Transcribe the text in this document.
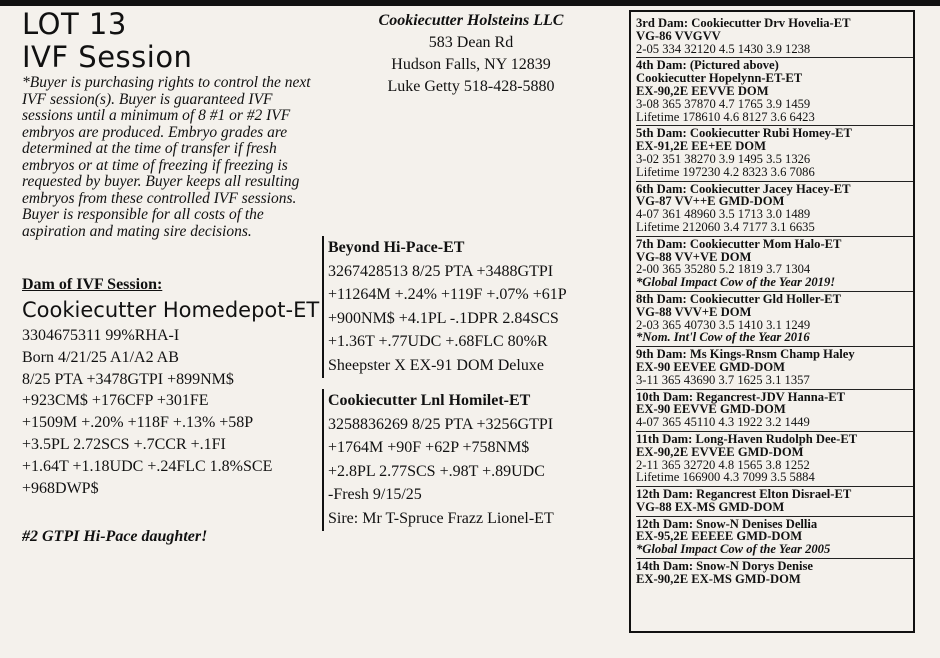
LOT 13
IVF Session
*Buyer is purchasing rights to control the next IVF session(s). Buyer is guaranteed IVF sessions until a minimum of 8 #1 or #2 IVF embryos are produced. Embryo grades are determined at the time of transfer if fresh embryos or at time of freezing if freezing is requested by buyer. Buyer keeps all resulting embryos from these controlled IVF sessions. Buyer is responsible for all costs of the aspiration and mating sire decisions.
Dam of IVF Session:
Cookiecutter Homedepot-ET
3304675311 99%RHA-I
Born 4/21/25 A1/A2 AB
8/25 PTA +3478GTPI +899NM$
+923CM$ +176CFP +301FE
+1509M +.20% +118F +.13% +58P
+3.5PL 2.72SCS +.7CCR +.1FI
+1.64T +1.18UDC +.24FLC 1.8%SCE
+968DWP$
#2 GTPI Hi-Pace daughter!
Cookiecutter Holsteins LLC
583 Dean Rd
Hudson Falls, NY 12839
Luke Getty 518-428-5880
Beyond Hi-Pace-ET
3267428513 8/25 PTA +3488GTPI
+11264M +.24% +119F +.07% +61P
+900NM$ +4.1PL -.1DPR 2.84SCS
+1.36T +.77UDC +.68FLC 80%R
Sheepster X EX-91 DOM Deluxe
Cookiecutter Lnl Homilet-ET
3258836269 8/25 PTA +3256GTPI
+1764M +90F +62P +758NM$
+2.8PL 2.77SCS +.98T +.89UDC
-Fresh 9/15/25
Sire: Mr T-Spruce Frazz Lionel-ET
3rd Dam: Cookiecutter Drv Hovelia-ET
VG-86 VVGVV
2-05 334 32120 4.5 1430 3.9 1238
4th Dam: (Pictured above)
Cookiecutter Hopelynn-ET-ET
EX-90,2E EEVVE DOM
3-08 365 37870 4.7 1765 3.9 1459
Lifetime 178610 4.6 8127 3.6 6423
5th Dam: Cookiecutter Rubi Homey-ET
EX-91,2E EE+EE DOM
3-02 351 38270 3.9 1495 3.5 1326
Lifetime 197230 4.2 8323 3.6 7086
6th Dam: Cookiecutter Jacey Hacey-ET
VG-87 VV++E GMD-DOM
4-07 361 48960 3.5 1713 3.0 1489
Lifetime 212060 3.4 7177 3.1 6635
7th Dam: Cookiecutter Mom Halo-ET
VG-88 VV+VE DOM
2-00 365 35280 5.2 1819 3.7 1304
*Global Impact Cow of the Year 2019!
8th Dam: Cookiecutter Gld Holler-ET
VG-88 VVV+E DOM
2-03 365 40730 3.5 1410 3.1 1249
*Nom. Int'l Cow of the Year 2016
9th Dam: Ms Kings-Rnsm Champ Haley
EX-90 EEVEE GMD-DOM
3-11 365 43690 3.7 1625 3.1 1357
10th Dam: Regancrest-JDV Hanna-ET
EX-90 EEVVE GMD-DOM
4-07 365 45110 4.3 1922 3.2 1449
11th Dam: Long-Haven Rudolph Dee-ET
EX-90,2E EVVEE GMD-DOM
2-11 365 32720 4.8 1565 3.8 1252
Lifetime 166900 4.3 7099 3.5 5884
12th Dam: Regancrest Elton Disrael-ET
VG-88 EX-MS GMD-DOM
12th Dam: Snow-N Denises Dellia
EX-95,2E EEEEE GMD-DOM
*Global Impact Cow of the Year 2005
14th Dam: Snow-N Dorys Denise
EX-90,2E EX-MS GMD-DOM
